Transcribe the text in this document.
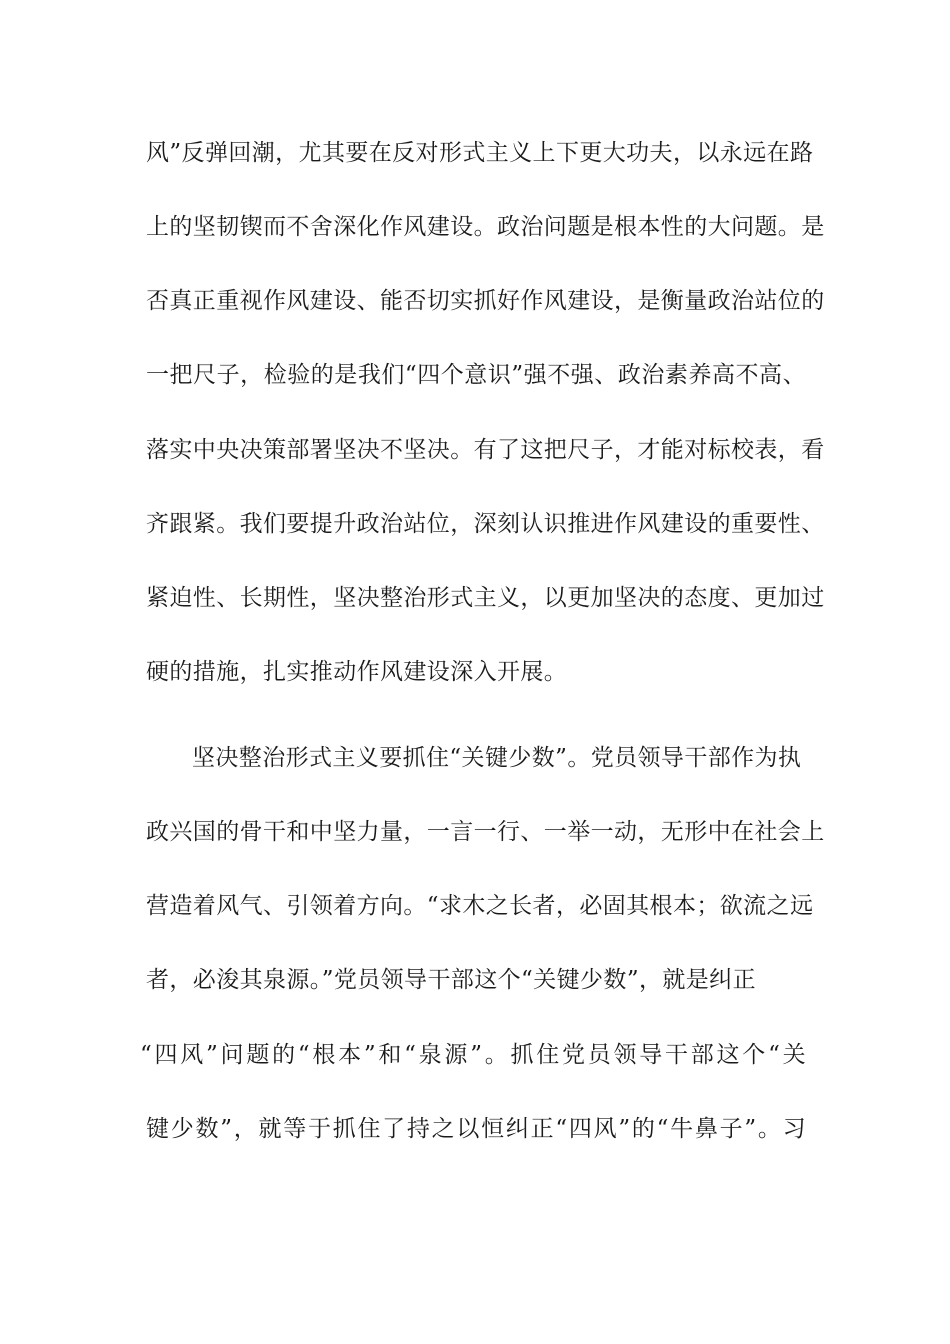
风”反弹回潮，尤其要在反对形式主义上下更大功夫，以永远在路
上的坚韧锲而不舍深化作风建设。政治问题是根本性的大问题。是
否真正重视作风建设、能否切实抓好作风建设，是衡量政治站位的
一把尺子，检验的是我们“四个意识”强不强、政治素养高不高、
落实中央决策部署坚决不坚决。有了这把尺子，才能对标校表，看
齐跟紧。我们要提升政治站位，深刻认识推进作风建设的重要性、
紧迫性、长期性，坚决整治形式主义，以更加坚决的态度、更加过
硬的措施，扎实推动作风建设深入开展。
坚决整治形式主义要抓住“关键少数”。党员领导干部作为执
政兴国的骨干和中坚力量，一言一行、一举一动，无形中在社会上
营造着风气、引领着方向。“求木之长者，必固其根本；欲流之远
者，必浚其泉源。”党员领导干部这个“关键少数”，就是纠正
“四风”问题的“根本”和“泉源”。抓住党员领导干部这个“关
键少数”，就等于抓住了持之以恒纠正“四风”的“牛鼻子”。习
